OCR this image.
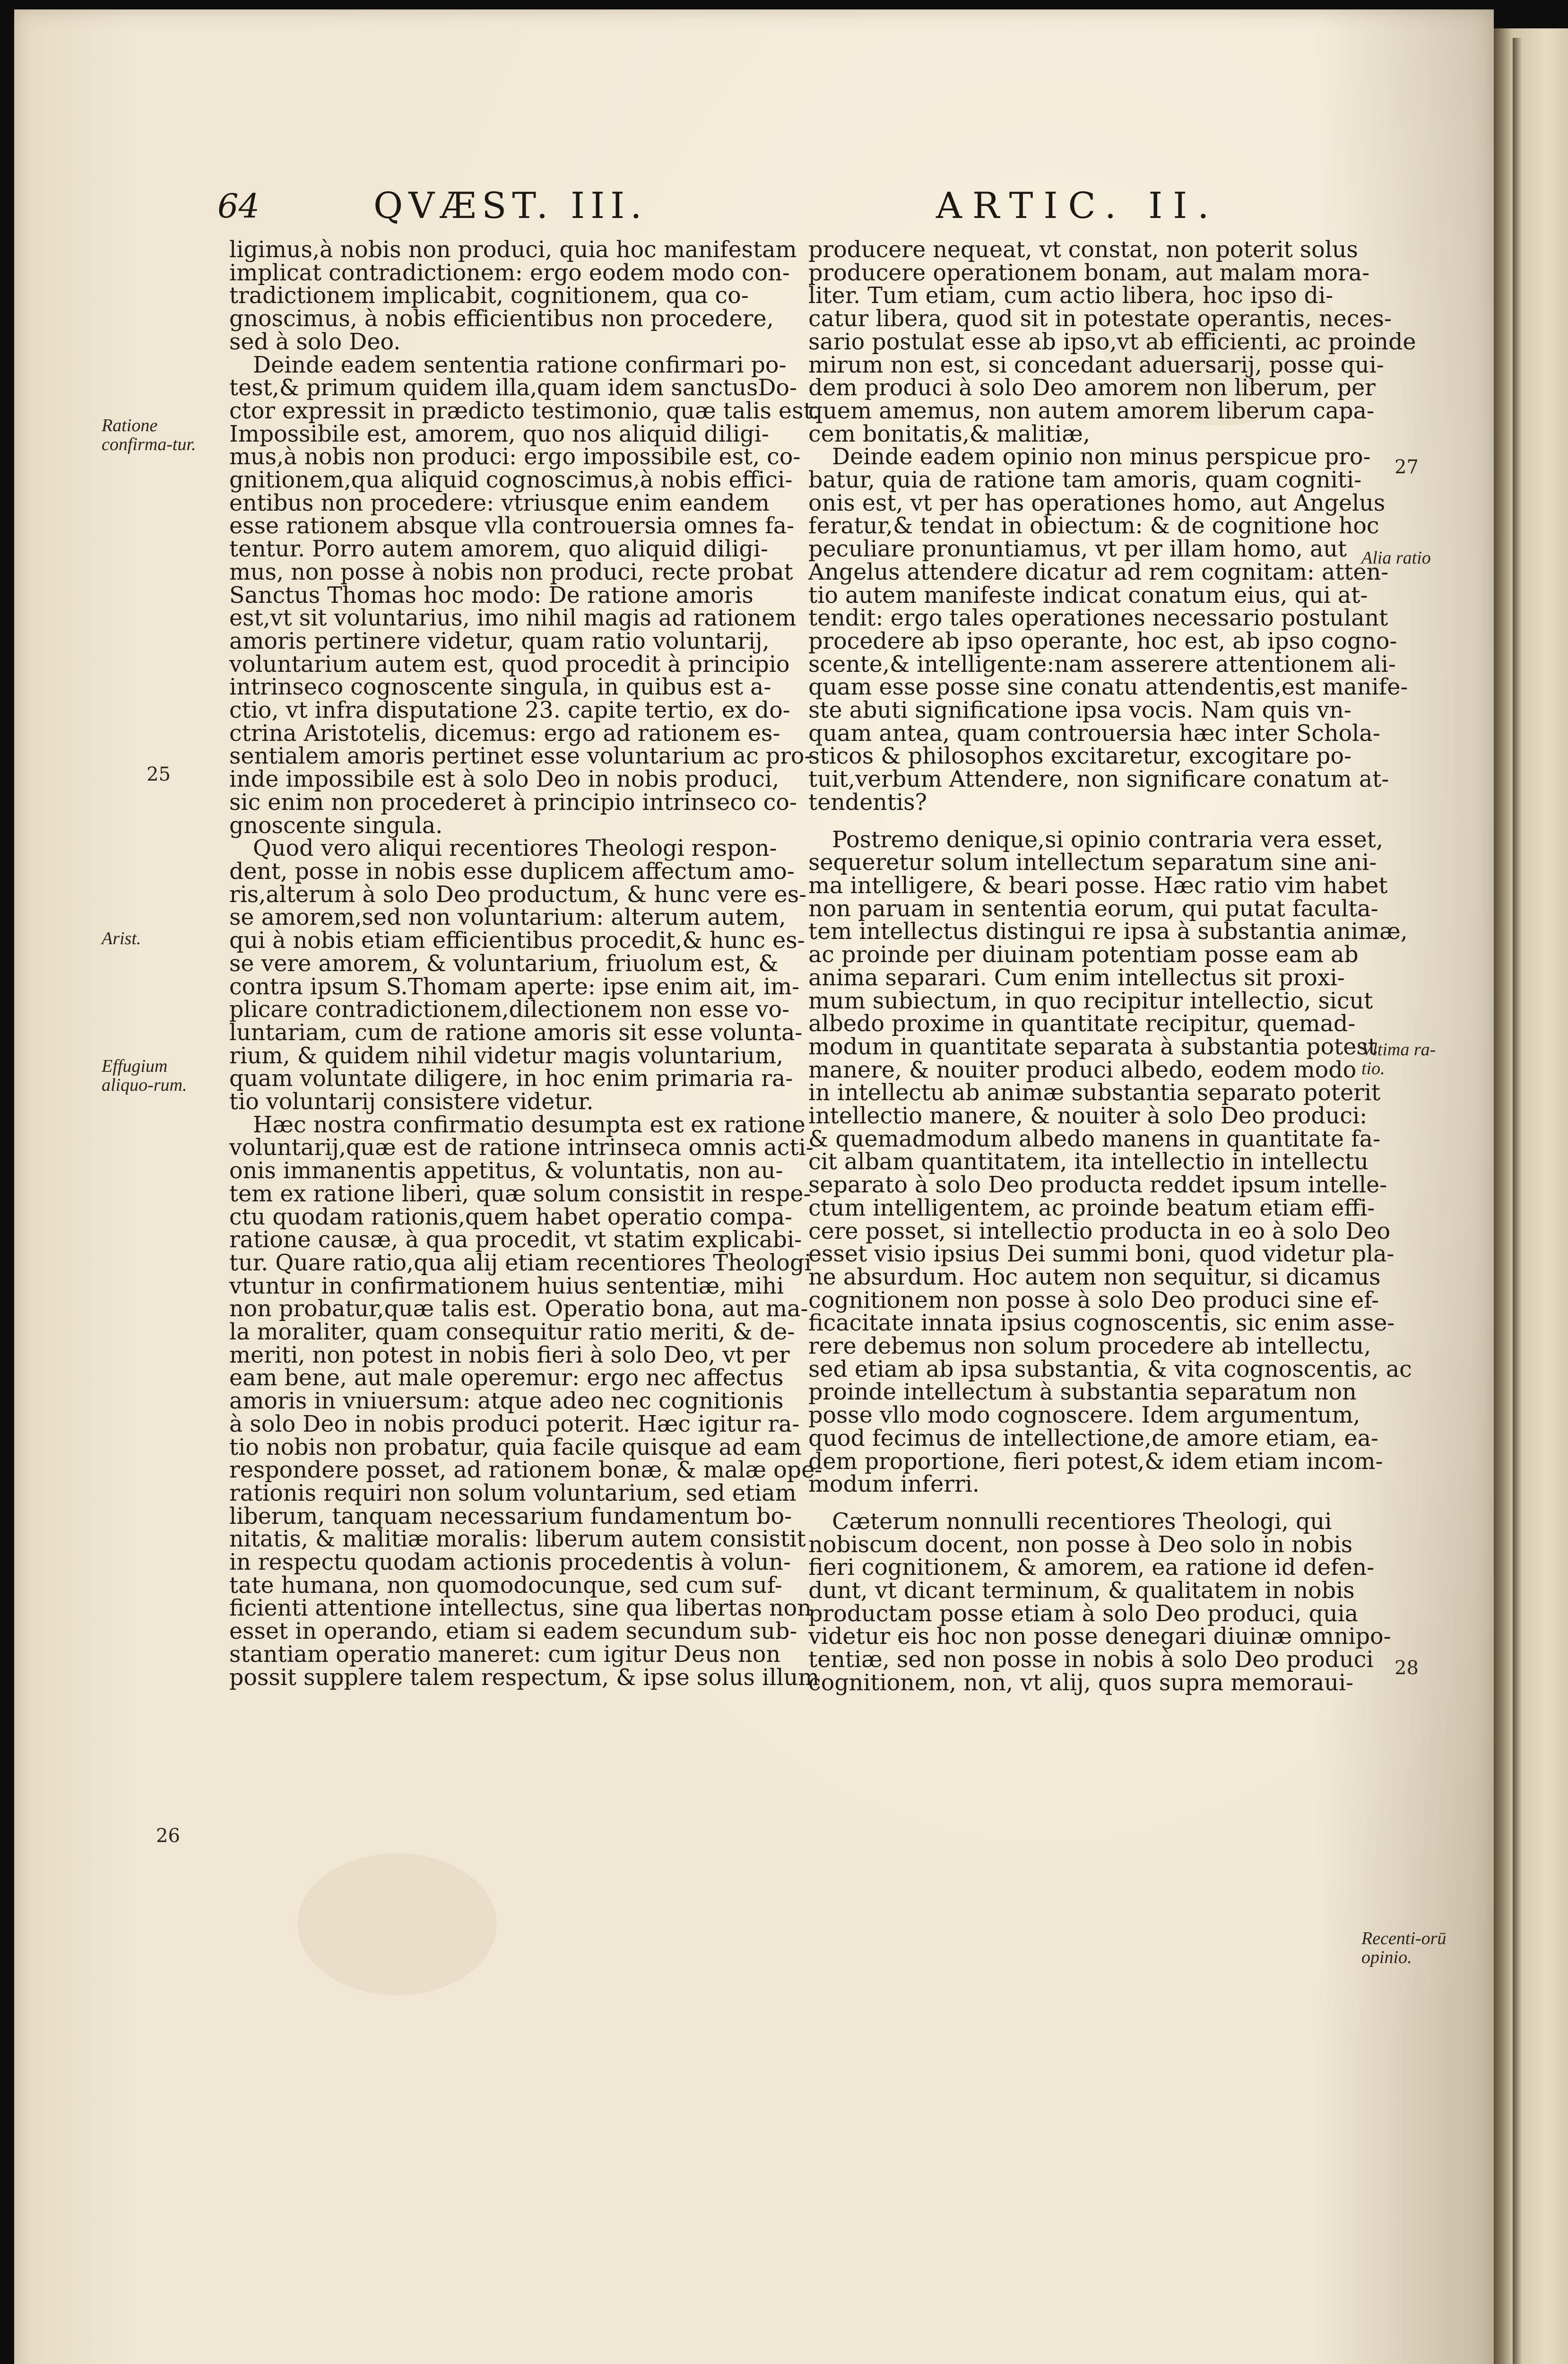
64	QVÆST. III.	ARTIC. II.
ligimus,à nobis non produci, quia hoc manifestam
implicat contradictionem: ergo eodem modo con-
tradictionem implicabit, cognitionem, qua co-
gnoscimus, à nobis efficientibus non procedere,
sed à solo Deo.
Deinde eadem sententia ratione confirmari po-
test,& primum quidem illa,quam idem sanctusDo-
ctor expressit in prædicto testimonio, quæ talis est.
Impossibile est, amorem, quo nos aliquid diligi-
mus,à nobis non produci: ergo impossibile est, co-
gnitionem,qua aliquid cognoscimus,à nobis effici-
entibus non procedere: vtriusque enim eandem
esse rationem absque vlla controuersia omnes fa-
tentur. Porro autem amorem, quo aliquid diligi-
mus, non posse à nobis non produci, recte probat
Sanctus Thomas hoc modo: De ratione amoris
est,vt sit voluntarius, imo nihil magis ad rationem
amoris pertinere videtur, quam ratio voluntarij,
voluntarium autem est, quod procedit à principio
intrinseco cognoscente singula, in quibus est a-
ctio, vt infra disputatione 23. capite tertio, ex do-
ctrina Aristotelis, dicemus: ergo ad rationem es-
sentialem amoris pertinet esse voluntarium ac pro-
inde impossibile est à solo Deo in nobis produci,
sic enim non procederet à principio intrinseco co-
gnoscente singula.
Quod vero aliqui recentiores Theologi respon-
dent, posse in nobis esse duplicem affectum amo-
ris,alterum à solo Deo productum, & hunc vere es-
se amorem,sed non voluntarium: alterum autem,
qui à nobis etiam efficientibus procedit,& hunc es-
se vere amorem, & voluntarium, friuolum est, &
contra ipsum S.Thomam aperte: ipse enim ait, im-
plicare contradictionem,dilectionem non esse vo-
luntariam, cum de ratione amoris sit esse volunta-
rium, & quidem nihil videtur magis voluntarium,
quam voluntate diligere, in hoc enim primaria ra-
tio voluntarij consistere videtur.
Hæc nostra confirmatio desumpta est ex ratione
voluntarij,quæ est de ratione intrinseca omnis acti-
onis immanentis appetitus, & voluntatis, non au-
tem ex ratione liberi, quæ solum consistit in respe-
ctu quodam rationis,quem habet operatio compa-
ratione causæ, à qua procedit, vt statim explicabi-
tur. Quare ratio,qua alij etiam recentiores Theologi
vtuntur in confirmationem huius sententiæ, mihi
non probatur,quæ talis est. Operatio bona, aut ma-
la moraliter, quam consequitur ratio meriti, & de-
meriti, non potest in nobis fieri à solo Deo, vt per
eam bene, aut male operemur: ergo nec affectus
amoris in vniuersum: atque adeo nec cognitionis
à solo Deo in nobis produci poterit. Hæc igitur ra-
tio nobis non probatur, quia facile quisque ad eam
respondere posset, ad rationem bonæ, & malæ ope-
rationis requiri non solum voluntarium, sed etiam
liberum, tanquam necessarium fundamentum bo-
nitatis, & malitiæ moralis: liberum autem consistit
in respectu quodam actionis procedentis à volun-
tate humana, non quomodocunque, sed cum suf-
ficienti attentione intellectus, sine qua libertas non
esset in operando, etiam si eadem secundum sub-
stantiam operatio maneret: cum igitur Deus non
possit supplere talem respectum, & ipse solus illum
producere nequeat, vt constat, non poterit solus
producere operationem bonam, aut malam mora-
liter. Tum etiam, cum actio libera, hoc ipso di-
catur libera, quod sit in potestate operantis, neces-
sario postulat esse ab ipso,vt ab efficienti, ac proinde
mirum non est, si concedant aduersarij, posse qui-
dem produci à solo Deo amorem non liberum, per
quem amemus, non autem amorem liberum capa-
cem bonitatis,& malitiæ,
Deinde eadem opinio non minus perspicue pro-
batur, quia de ratione tam amoris, quam cogniti-
onis est, vt per has operationes homo, aut Angelus
feratur,& tendat in obiectum: & de cognitione hoc
peculiare pronuntiamus, vt per illam homo, aut
Angelus attendere dicatur ad rem cognitam: atten-
tio autem manifeste indicat conatum eius, qui at-
tendit: ergo tales operationes necessario postulant
procedere ab ipso operante, hoc est, ab ipso cogno-
scente,& intelligente:nam asserere attentionem ali-
quam esse posse sine conatu attendentis,est manife-
ste abuti significatione ipsa vocis. Nam quis vn-
quam antea, quam controuersia hæc inter Schola-
sticos & philosophos excitaretur, excogitare po-
tuit,verbum Attendere, non significare conatum at-
tendentis?
Postremo denique,si opinio contraria vera esset,
sequeretur solum intellectum separatum sine ani-
ma intelligere, & beari posse. Hæc ratio vim habet
non paruam in sententia eorum, qui putat faculta-
tem intellectus distingui re ipsa à substantia animæ,
ac proinde per diuinam potentiam posse eam ab
anima separari. Cum enim intellectus sit proxi-
mum subiectum, in quo recipitur intellectio, sicut
albedo proxime in quantitate recipitur, quemad-
modum in quantitate separata à substantia potest
manere, & nouiter produci albedo, eodem modo
in intellectu ab animæ substantia separato poterit
intellectio manere, & nouiter à solo Deo produci:
& quemadmodum albedo manens in quantitate fa-
cit albam quantitatem, ita intellectio in intellectu
separato à solo Deo producta reddet ipsum intelle-
ctum intelligentem, ac proinde beatum etiam effi-
cere posset, si intellectio producta in eo à solo Deo
esset visio ipsius Dei summi boni, quod videtur pla-
ne absurdum. Hoc autem non sequitur, si dicamus
cognitionem non posse à solo Deo produci sine ef-
ficacitate innata ipsius cognoscentis, sic enim asse-
rere debemus non solum procedere ab intellectu,
sed etiam ab ipsa substantia, & vita cognoscentis, ac
proinde intellectum à substantia separatum non
posse vllo modo cognoscere. Idem argumentum,
quod fecimus de intellectione,de amore etiam, ea-
dem proportione, fieri potest,& idem etiam incom-
modum inferri.
Cæterum nonnulli recentiores Theologi, qui
nobiscum docent, non posse à Deo solo in nobis
fieri cognitionem, & amorem, ea ratione id defen-
dunt, vt dicant terminum, & qualitatem in nobis
productam posse etiam à solo Deo produci, quia
videtur eis hoc non posse denegari diuinæ omnipo-
tentiæ, sed non posse in nobis à solo Deo produci
cognitionem, non, vt alij, quos supra memoraui-
Ratione confirma-tur.
Arist.
Effugium aliquo-rum.
Alia ratio
Vltima ra-tio.
Recenti-orū opinio.
25
26
27
28
